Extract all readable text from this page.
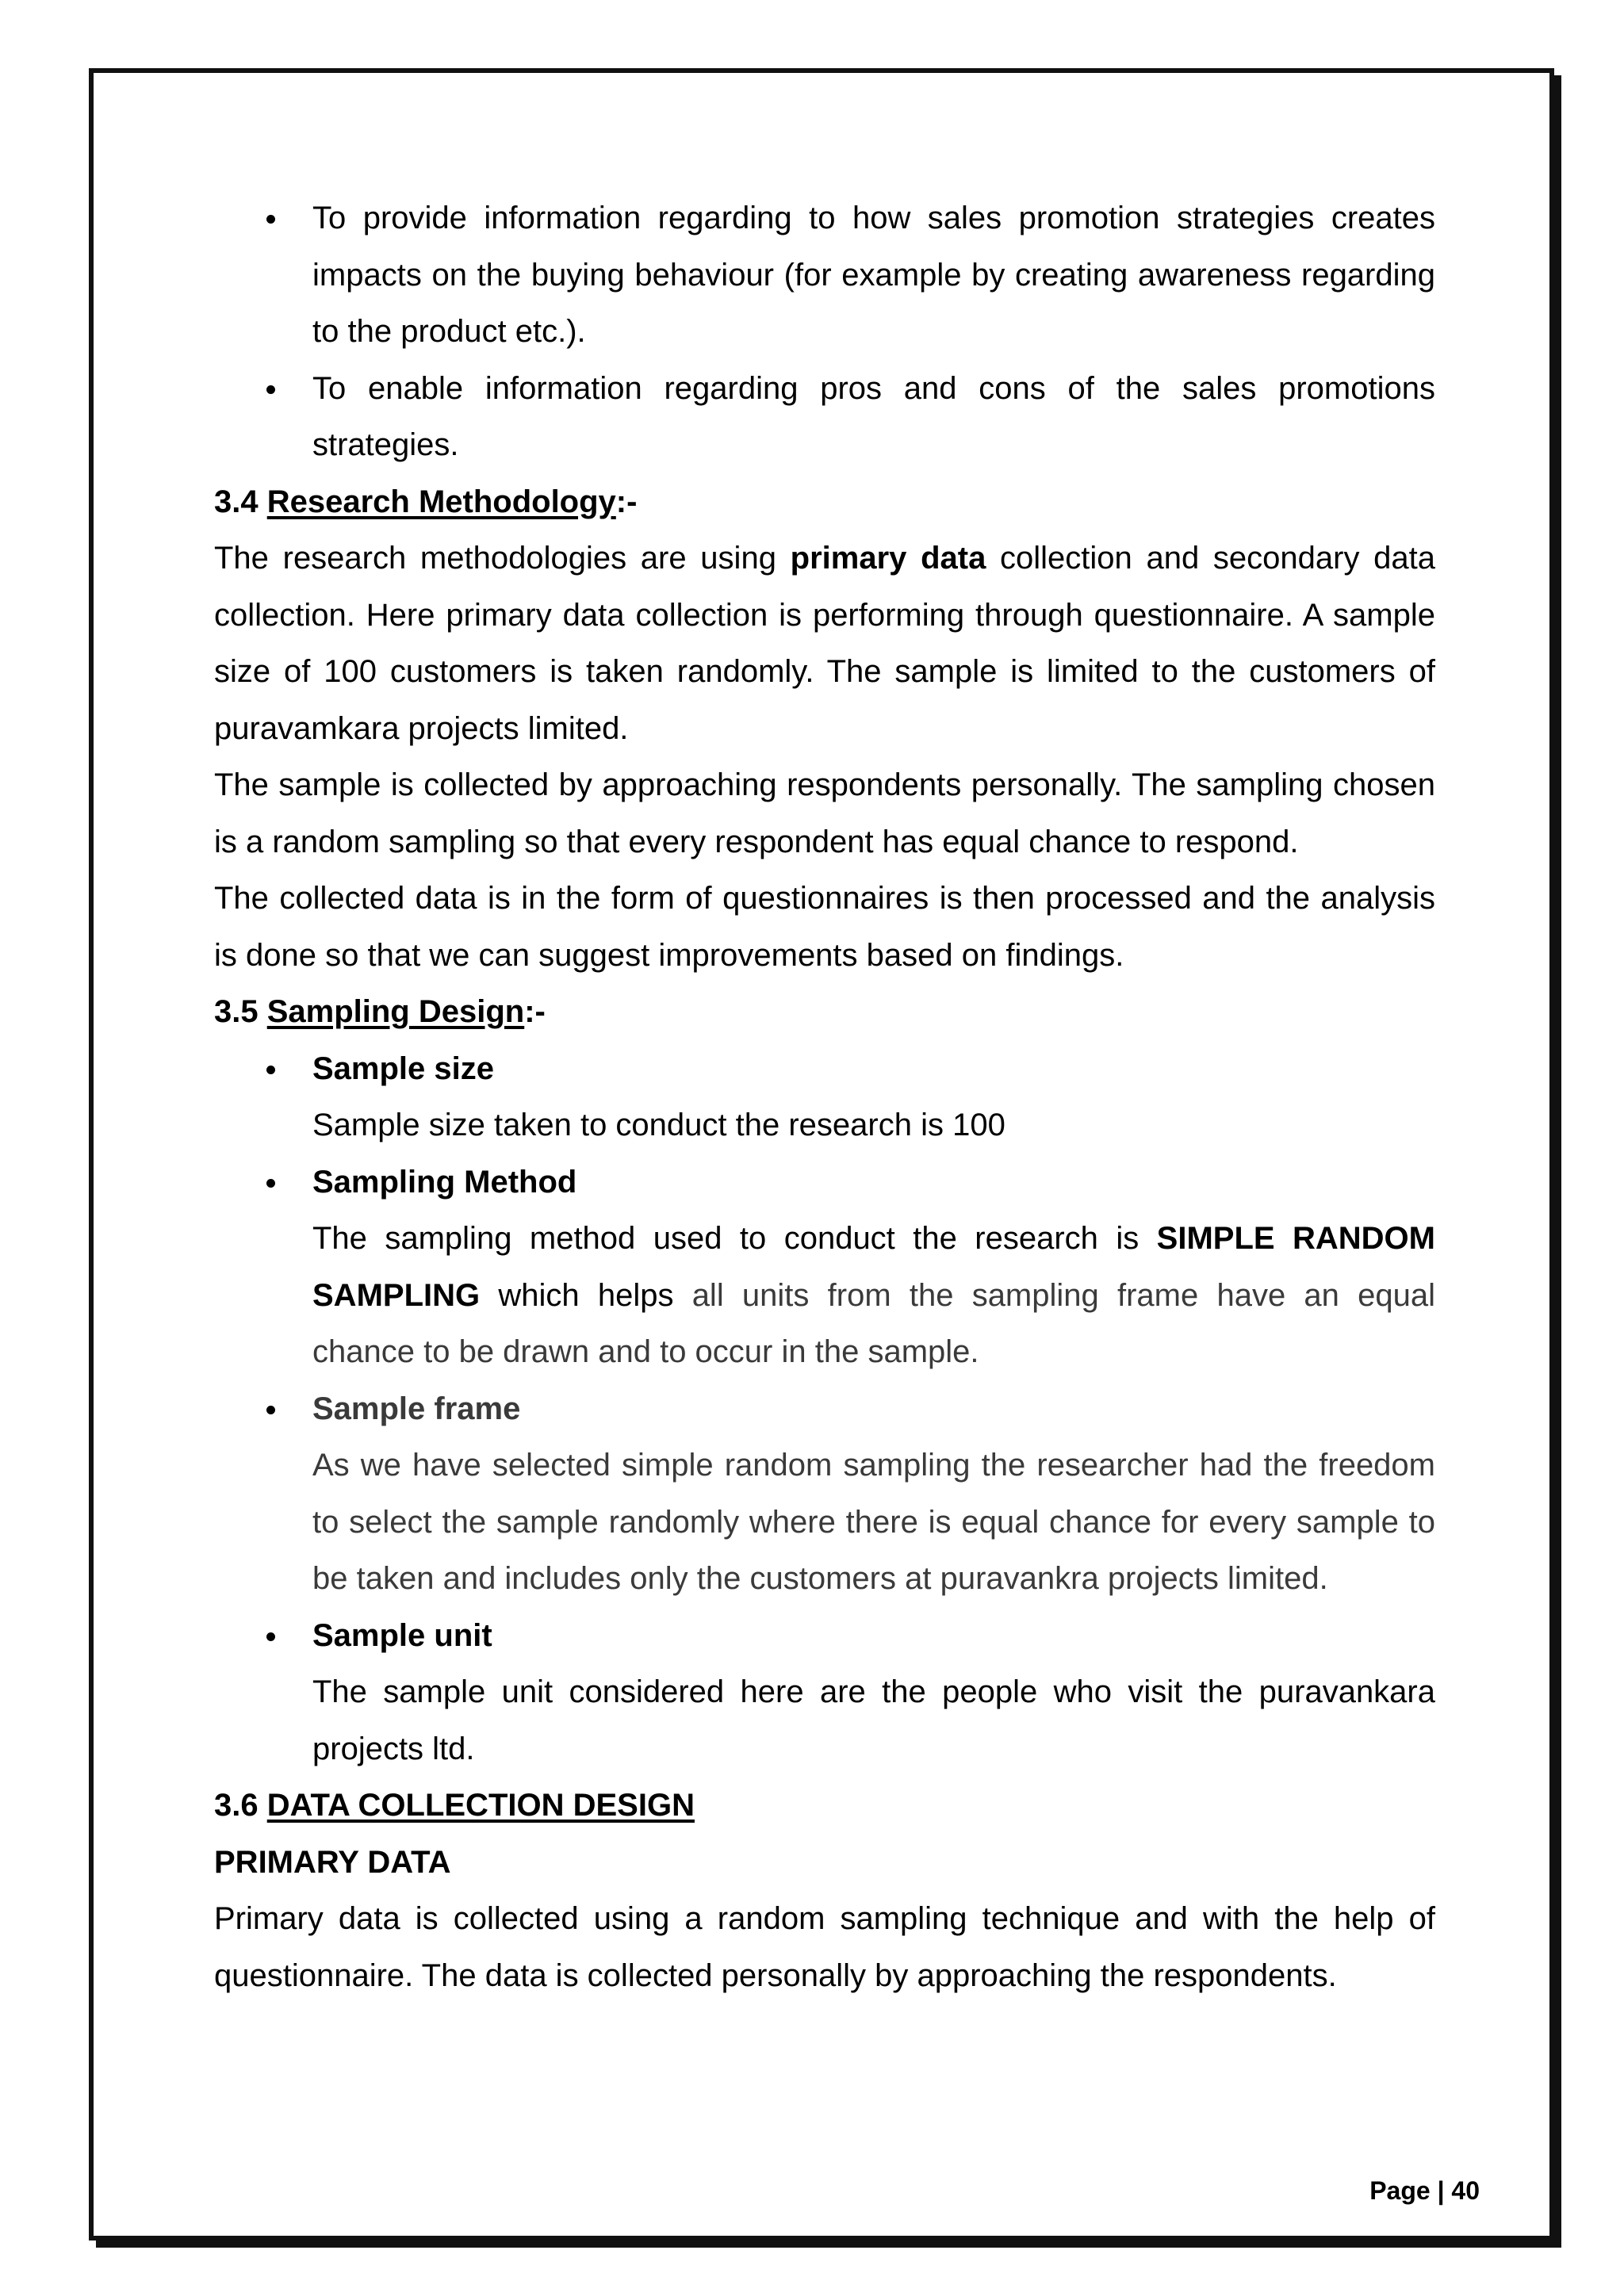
To provide information regarding to how sales promotion strategies creates impacts on the buying behaviour (for example by creating awareness regarding to the product etc.).

To enable information regarding pros and cons of the sales promotions strategies.

3.4 Research Methodology:-

The research methodologies are using primary data collection and secondary data collection. Here primary data collection is performing through questionnaire. A sample size of 100 customers is taken randomly. The sample is limited to the customers of puravamkara projects limited.

The sample is collected by approaching respondents personally. The sampling chosen is a random sampling so that every respondent has equal chance to respond.

The collected data is in the form of questionnaires is then processed and the analysis is done so that we can suggest improvements based on findings.

3.5 Sampling Design:-

Sample size

Sample size taken to conduct the research is 100

Sampling Method

The sampling method used to conduct the research is SIMPLE RANDOM SAMPLING which helps all units from the sampling frame have an equal chance to be drawn and to occur in the sample.

Sample frame

As we have selected simple random sampling the researcher had the freedom to select the sample randomly where there is equal chance for every sample to be taken and includes only the customers at puravankra projects limited.

Sample unit

The sample unit considered here are the people who visit the puravankara projects ltd.

3.6 DATA COLLECTION DESIGN

PRIMARY DATA

Primary data is collected using a random sampling technique and with the help of questionnaire. The data is collected personally by approaching the respondents.

Page | 40
